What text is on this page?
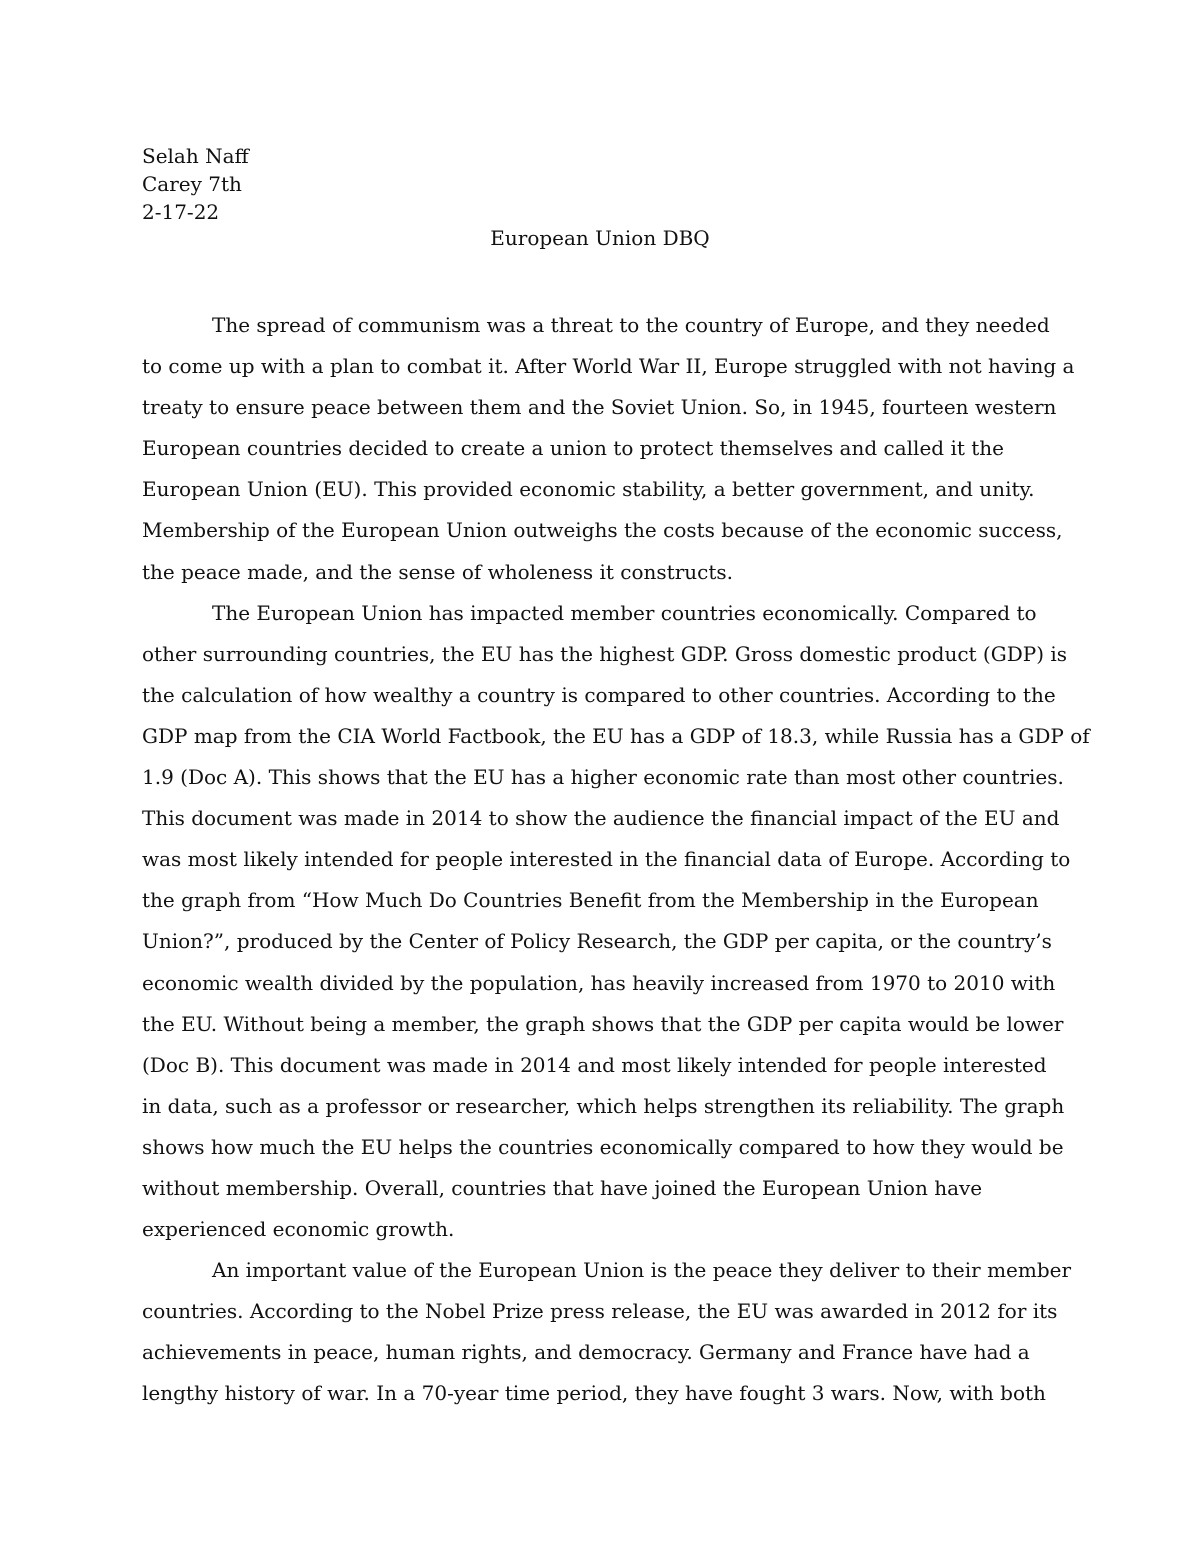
Selah Naff
Carey 7th
2-17-22
European Union DBQ
The spread of communism was a threat to the country of Europe, and they needed
to come up with a plan to combat it. After World War II, Europe struggled with not having a
treaty to ensure peace between them and the Soviet Union. So, in 1945, fourteen western
European countries decided to create a union to protect themselves and called it the
European Union (EU). This provided economic stability, a better government, and unity.
Membership of the European Union outweighs the costs because of the economic success,
the peace made, and the sense of wholeness it constructs.
The European Union has impacted member countries economically. Compared to
other surrounding countries, the EU has the highest GDP. Gross domestic product (GDP) is
the calculation of how wealthy a country is compared to other countries. According to the
GDP map from the CIA World Factbook, the EU has a GDP of 18.3, while Russia has a GDP of
1.9 (Doc A). This shows that the EU has a higher economic rate than most other countries.
This document was made in 2014 to show the audience the financial impact of the EU and
was most likely intended for people interested in the financial data of Europe. According to
the graph from “How Much Do Countries Benefit from the Membership in the European
Union?”, produced by the Center of Policy Research, the GDP per capita, or the country’s
economic wealth divided by the population, has heavily increased from 1970 to 2010 with
the EU. Without being a member, the graph shows that the GDP per capita would be lower
(Doc B). This document was made in 2014 and most likely intended for people interested
in data, such as a professor or researcher, which helps strengthen its reliability. The graph
shows how much the EU helps the countries economically compared to how they would be
without membership. Overall, countries that have joined the European Union have
experienced economic growth.
An important value of the European Union is the peace they deliver to their member
countries. According to the Nobel Prize press release, the EU was awarded in 2012 for its
achievements in peace, human rights, and democracy. Germany and France have had a
lengthy history of war. In a 70-year time period, they have fought 3 wars. Now, with both
